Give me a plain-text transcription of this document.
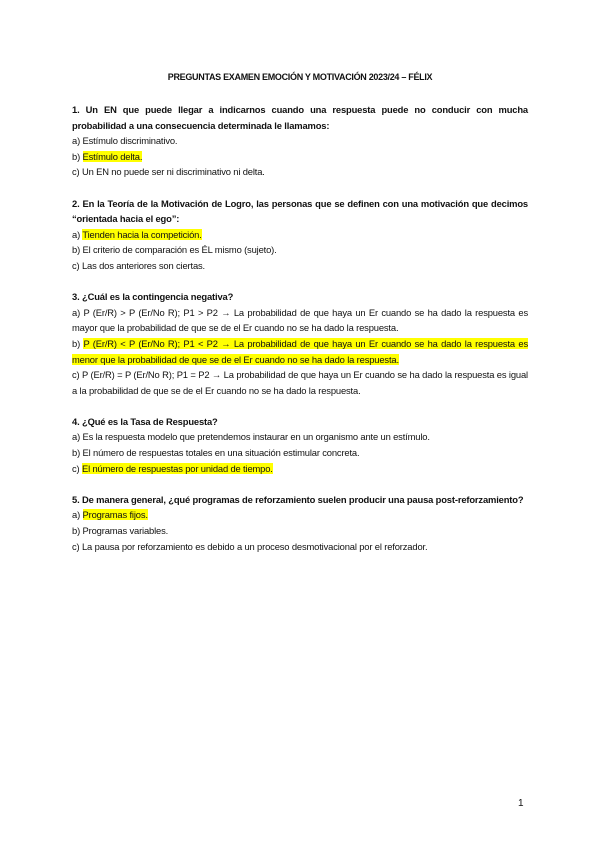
PREGUNTAS EXAMEN EMOCIÓN Y MOTIVACIÓN 2023/24 – FÉLIX
1. Un EN que puede llegar a indicarnos cuando una respuesta puede no conducir con mucha probabilidad a una consecuencia determinada le llamamos:
a) Estímulo discriminativo.
b) Estímulo delta.
c) Un EN no puede ser ni discriminativo ni delta.
2. En la Teoría de la Motivación de Logro, las personas que se definen con una motivación que decimos “orientada hacia el ego”:
a) Tienden hacia la competición.
b) El criterio de comparación es ÉL mismo (sujeto).
c) Las dos anteriores son ciertas.
3. ¿Cuál es la contingencia negativa?
a) P (Er/R) > P (Er/No R); P1 > P2 → La probabilidad de que haya un Er cuando se ha dado la respuesta es mayor que la probabilidad de que se de el Er cuando no se ha dado la respuesta.
b) P (Er/R) < P (Er/No R); P1 < P2 → La probabilidad de que haya un Er cuando se ha dado la respuesta es menor que la probabilidad de que se de el Er cuando no se ha dado la respuesta.
c) P (Er/R) = P (Er/No R); P1 = P2 → La probabilidad de que haya un Er cuando se ha dado la respuesta es igual a la probabilidad de que se de el Er cuando no se ha dado la respuesta.
4. ¿Qué es la Tasa de Respuesta?
a) Es la respuesta modelo que pretendemos instaurar en un organismo ante un estímulo.
b) El número de respuestas totales en una situación estimular concreta.
c) El número de respuestas por unidad de tiempo.
5. De manera general, ¿qué programas de reforzamiento suelen producir una pausa post-reforzamiento?
a) Programas fijos.
b) Programas variables.
c) La pausa por reforzamiento es debido a un proceso desmotivacional por el reforzador.
1
